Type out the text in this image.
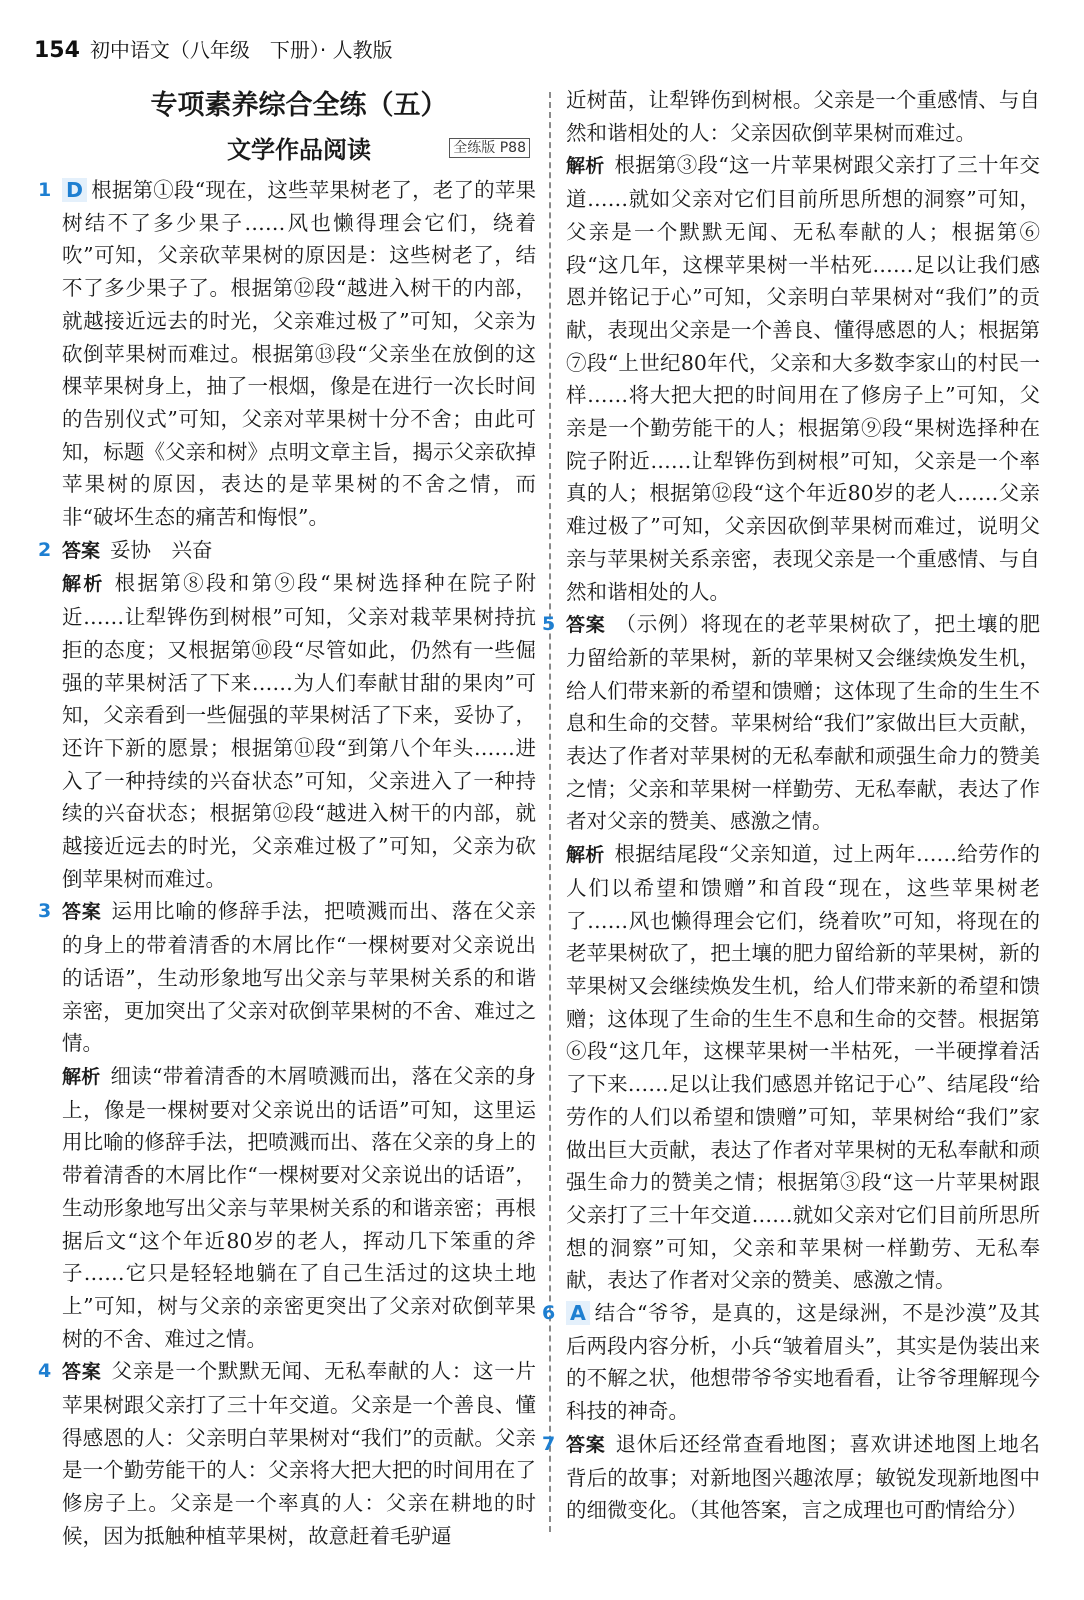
154 初中语文（八年级　下册）· 人教版
专项素养综合全练（五）
文学作品阅读	全练版 P88
1 D 根据第①段“现在，这些苹果树老了，老了的苹果树结不了多少果子……风也懒得理会它们，绕着吹”可知，父亲砍苹果树的原因是：这些树老了，结不了多少果子了。根据第⑫段“越进入树干的内部，就越接近远去的时光，父亲难过极了”可知，父亲为砍倒苹果树而难过。根据第⑬段“父亲坐在放倒的这棵苹果树身上，抽了一根烟，像是在进行一次长时间的告别仪式”可知，父亲对苹果树十分不舍；由此可知，标题《父亲和树》点明文章主旨，揭示父亲砍掉苹果树的原因，表达的是苹果树的不舍之情，而非“破坏生态的痛苦和悔恨”。

2 答案 妥协　兴奋

解析 根据第⑧段和第⑨段“果树选择种在院子附近……让犁铧伤到树根”可知，父亲对栽苹果树持抗拒的态度；又根据第⑩段“尽管如此，仍然有一些倔强的苹果树活了下来……为人们奉献甘甜的果肉”可知，父亲看到一些倔强的苹果树活了下来，妥协了，还许下新的愿景；根据第⑪段“到第八个年头……进入了一种持续的兴奋状态”可知，父亲进入了一种持续的兴奋状态；根据第⑫段“越进入树干的内部，就越接近远去的时光，父亲难过极了”可知，父亲为砍倒苹果树而难过。

3 答案 运用比喻的修辞手法，把喷溅而出、落在父亲的身上的带着清香的木屑比作“一棵树要对父亲说出的话语”，生动形象地写出父亲与苹果树关系的和谐亲密，更加突出了父亲对砍倒苹果树的不舍、难过之情。

解析 细读“带着清香的木屑喷溅而出，落在父亲的身上，像是一棵树要对父亲说出的话语”可知，这里运用比喻的修辞手法，把喷溅而出、落在父亲的身上的带着清香的木屑比作“一棵树要对父亲说出的话语”，生动形象地写出父亲与苹果树关系的和谐亲密；再根据后文“这个年近80岁的老人，挥动几下笨重的斧子……它只是轻轻地躺在了自己生活过的这块土地上”可知，树与父亲的亲密更突出了父亲对砍倒苹果树的不舍、难过之情。

4 答案 父亲是一个默默无闻、无私奉献的人：这一片苹果树跟父亲打了三十年交道。父亲是一个善良、懂得感恩的人：父亲明白苹果树对“我们”的贡献。父亲是一个勤劳能干的人：父亲将大把大把的时间用在了修房子上。父亲是一个率真的人：父亲在耕地的时候，因为抵触种植苹果树，故意赶着毛驴逼

近树苗，让犁铧伤到树根。父亲是一个重感情、与自然和谐相处的人：父亲因砍倒苹果树而难过。

解析 根据第③段“这一片苹果树跟父亲打了三十年交道……就如父亲对它们目前所思所想的洞察”可知，父亲是一个默默无闻、无私奉献的人；根据第⑥段“这几年，这棵苹果树一半枯死……足以让我们感恩并铭记于心”可知，父亲明白苹果树对“我们”的贡献，表现出父亲是一个善良、懂得感恩的人；根据第⑦段“上世纪80年代，父亲和大多数李家山的村民一样……将大把大把的时间用在了修房子上”可知，父亲是一个勤劳能干的人；根据第⑨段“果树选择种在院子附近……让犁铧伤到树根”可知，父亲是一个率真的人；根据第⑫段“这个年近80岁的老人……父亲难过极了”可知，父亲因砍倒苹果树而难过，说明父亲与苹果树关系亲密，表现父亲是一个重感情、与自然和谐相处的人。

5 答案 （示例）将现在的老苹果树砍了，把土壤的肥力留给新的苹果树，新的苹果树又会继续焕发生机，给人们带来新的希望和馈赠；这体现了生命的生生不息和生命的交替。苹果树给“我们”家做出巨大贡献，表达了作者对苹果树的无私奉献和顽强生命力的赞美之情；父亲和苹果树一样勤劳、无私奉献，表达了作者对父亲的赞美、感激之情。

解析 根据结尾段“父亲知道，过上两年……给劳作的人们以希望和馈赠”和首段“现在，这些苹果树老了……风也懒得理会它们，绕着吹”可知，将现在的老苹果树砍了，把土壤的肥力留给新的苹果树，新的苹果树又会继续焕发生机，给人们带来新的希望和馈赠；这体现了生命的生生不息和生命的交替。根据第⑥段“这几年，这棵苹果树一半枯死，一半硬撑着活了下来……足以让我们感恩并铭记于心”、结尾段“给劳作的人们以希望和馈赠”可知，苹果树给“我们”家做出巨大贡献，表达了作者对苹果树的无私奉献和顽强生命力的赞美之情；根据第③段“这一片苹果树跟父亲打了三十年交道……就如父亲对它们目前所思所想的洞察”可知，父亲和苹果树一样勤劳、无私奉献，表达了作者对父亲的赞美、感激之情。

6 A 结合“爷爷，是真的，这是绿洲，不是沙漠”及其后两段内容分析，小兵“皱着眉头”，其实是伪装出来的不解之状，他想带爷爷实地看看，让爷爷理解现今科技的神奇。

7 答案 退休后还经常查看地图；喜欢讲述地图上地名背后的故事；对新地图兴趣浓厚；敏锐发现新地图中的细微变化。（其他答案，言之成理也可酌情给分）
